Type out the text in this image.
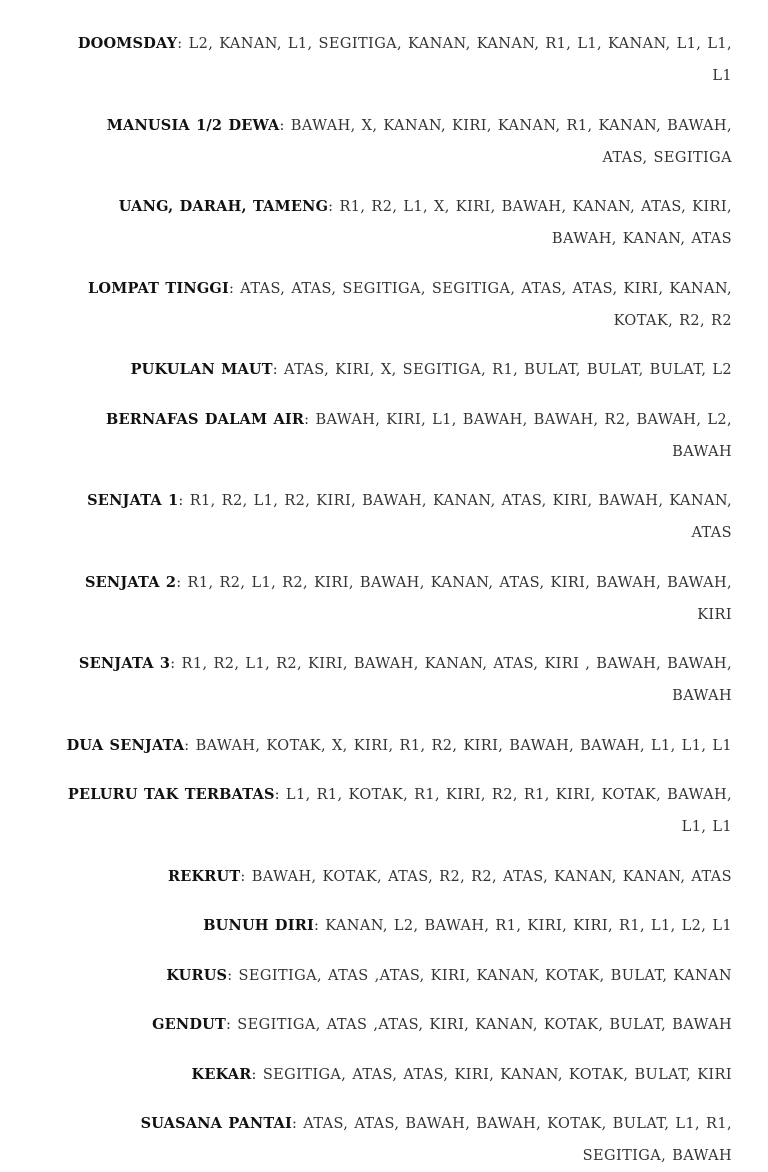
DOOMSDAY: L2, KANAN, L1, SEGITIGA, KANAN, KANAN, R1, L1, KANAN, L1, L1, L1

MANUSIA 1/2 DEWA: BAWAH, X, KANAN, KIRI, KANAN, R1, KANAN, BAWAH, ATAS, SEGITIGA

UANG, DARAH, TAMENG: R1, R2, L1, X, KIRI, BAWAH, KANAN, ATAS, KIRI, BAWAH, KANAN, ATAS

LOMPAT TINGGI: ATAS, ATAS, SEGITIGA, SEGITIGA, ATAS, ATAS, KIRI, KANAN, KOTAK, R2, R2

PUKULAN MAUT: ATAS, KIRI, X, SEGITIGA, R1, BULAT, BULAT, BULAT, L2

BERNAFAS DALAM AIR: BAWAH, KIRI, L1, BAWAH, BAWAH, R2, BAWAH, L2, BAWAH

SENJATA 1: R1, R2, L1, R2, KIRI, BAWAH, KANAN, ATAS, KIRI, BAWAH, KANAN, ATAS

SENJATA 2: R1, R2, L1, R2, KIRI, BAWAH, KANAN, ATAS, KIRI, BAWAH, BAWAH, KIRI

SENJATA 3: R1, R2, L1, R2, KIRI, BAWAH, KANAN, ATAS, KIRI , BAWAH, BAWAH, BAWAH

DUA SENJATA: BAWAH, KOTAK, X, KIRI, R1, R2, KIRI, BAWAH, BAWAH, L1, L1, L1

PELURU TAK TERBATAS: L1, R1, KOTAK, R1, KIRI, R2, R1, KIRI, KOTAK, BAWAH, L1, L1

REKRUT: BAWAH, KOTAK, ATAS, R2, R2, ATAS, KANAN, KANAN, ATAS

BUNUH DIRI: KANAN, L2, BAWAH, R1, KIRI, KIRI, R1, L1, L2, L1

KURUS: SEGITIGA, ATAS ,ATAS, KIRI, KANAN, KOTAK, BULAT, KANAN

GENDUT: SEGITIGA, ATAS ,ATAS, KIRI, KANAN, KOTAK, BULAT, BAWAH

KEKAR: SEGITIGA, ATAS, ATAS, KIRI, KANAN, KOTAK, BULAT, KIRI

SUASANA PANTAI: ATAS, ATAS, BAWAH, BAWAH, KOTAK, BULAT, L1, R1, SEGITIGA, BAWAH
